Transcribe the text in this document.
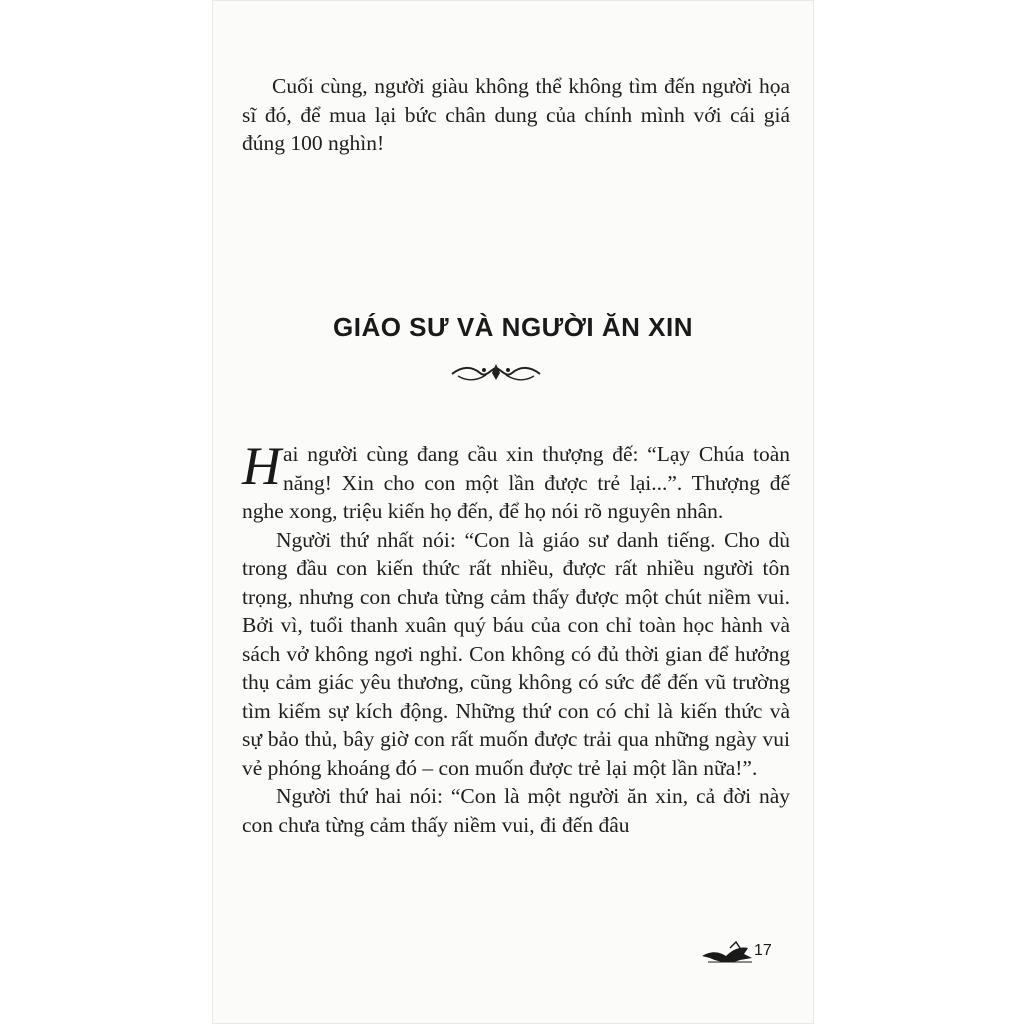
Cuối cùng, người giàu không thể không tìm đến người họa sĩ đó, để mua lại bức chân dung của chính mình với cái giá đúng 100 nghìn!
GIÁO SƯ VÀ NGƯỜI ĂN XIN

Hai người cùng đang cầu xin thượng đế: “Lạy Chúa toàn năng! Xin cho con một lần được trẻ lại...”. Thượng đế nghe xong, triệu kiến họ đến, để họ nói rõ nguyên nhân.

Người thứ nhất nói: “Con là giáo sư danh tiếng. Cho dù trong đầu con kiến thức rất nhiều, được rất nhiều người tôn trọng, nhưng con chưa từng cảm thấy được một chút niềm vui. Bởi vì, tuổi thanh xuân quý báu của con chỉ toàn học hành và sách vở không ngơi nghỉ. Con không có đủ thời gian để hưởng thụ cảm giác yêu thương, cũng không có sức để đến vũ trường tìm kiếm sự kích động. Những thứ con có chỉ là kiến thức và sự bảo thủ, bây giờ con rất muốn được trải qua những ngày vui vẻ phóng khoáng đó – con muốn được trẻ lại một lần nữa!”.

Người thứ hai nói: “Con là một người ăn xin, cả đời này con chưa từng cảm thấy niềm vui, đi đến đâu

17
